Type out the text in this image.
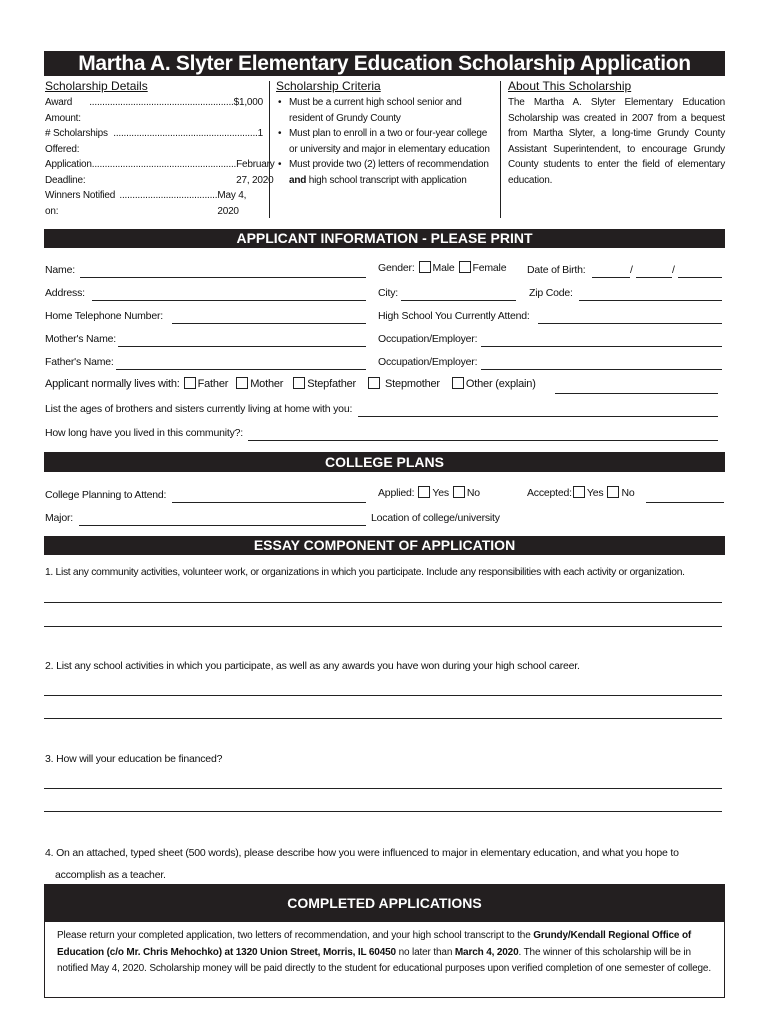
Martha A. Slyter Elementary Education Scholarship Application
Scholarship Details
Award Amount:
........................................................ $1,000
# Scholarships Offered:
........................................................ 1
Application Deadline:
........................................................ February 27, 2020
Winners Notified on:
...................................... May 4, 2020
Scholarship Criteria
• Must be a current high school senior and resident of Grundy County
• Must plan to enroll in a two or four-year college or university and major in elementary education
• Must provide two (2) letters of recommendation and high school transcript with application
About This Scholarship
The Martha A. Slyter Elementary Education Scholarship was created in 2007 from a bequest from Martha Slyter, a long-time Grundy County Assistant Superintendent, to encourage Grundy County students to enter the field of elementary education.
APPLICANT INFORMATION - PLEASE PRINT
Name:	Gender: Male Female Date of Birth:	/	/
Address:	City:	Zip Code:
Home Telephone Number:	High School You Currently Attend:
Mother's Name:	Occupation/Employer:
Father's Name:	Occupation/Employer:
Applicant normally lives with: Father Mother Stepfather	Stepmother Other (explain)
List the ages of brothers and sisters currently living at home with you:
How long have you lived in this community?:
COLLEGE PLANS
College Planning to Attend:	Applied: Yes No	Accepted: Yes No
Major:	Location of college/university
ESSAY COMPONENT OF APPLICATION
1. List any community activities, volunteer work, or organizations in which you participate. Include any responsibilities with each activity or organization.
2. List any school activities in which you participate, as well as any awards you have won during your high school career.
3. How will your education be financed?
4. On an attached, typed sheet (500 words), please describe how you were influenced to major in elementary education, and what you hope to
accomplish as a teacher.
COMPLETED APPLICATIONS
Please return your completed application, two letters of recommendation, and your high school transcript to the Grundy/Kendall Regional Office of Education (c/o Mr. Chris Mehochko) at 1320 Union Street, Morris, IL 60450 no later than March 4, 2020. The winner of this scholarship will be in notified May 4, 2020. Scholarship money will be paid directly to the student for educational purposes upon verified completion of one semester of college.
